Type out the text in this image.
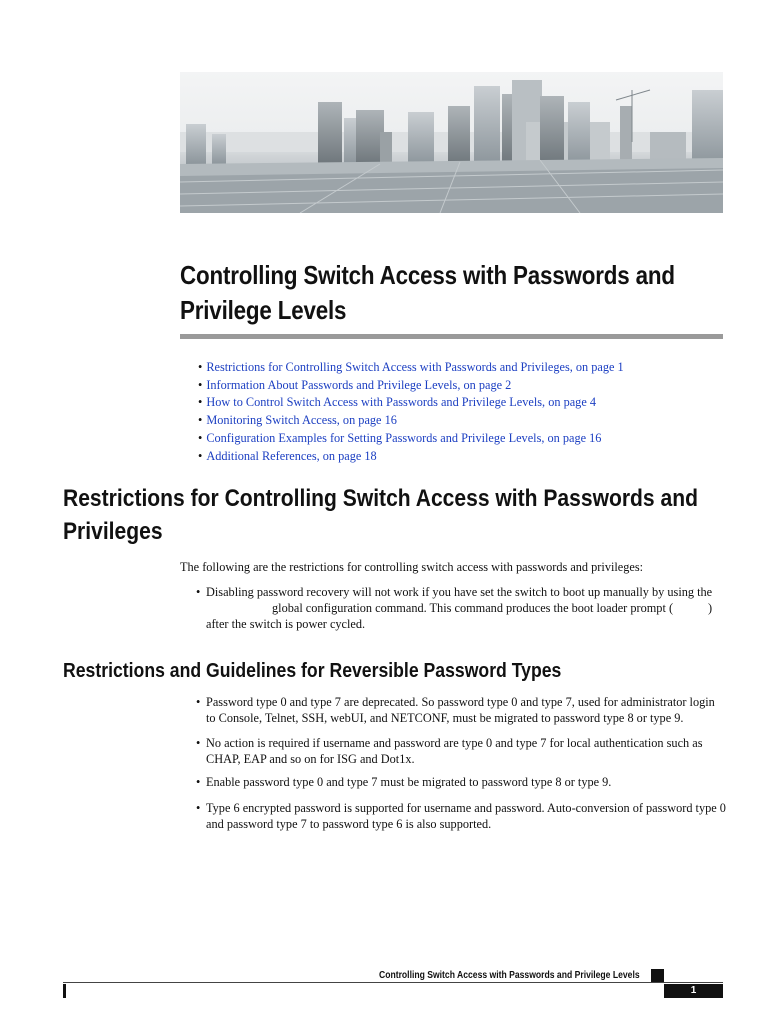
Controlling Switch Access with Passwords and Privilege Levels
• Restrictions for Controlling Switch Access with Passwords and Privileges, on page 1
• Information About Passwords and Privilege Levels, on page 2
• How to Control Switch Access with Passwords and Privilege Levels, on page 4
• Monitoring Switch Access, on page 16
• Configuration Examples for Setting Passwords and Privilege Levels, on page 16
• Additional References, on page 18
Restrictions for Controlling Switch Access with Passwords and Privileges
The following are the restrictions for controlling switch access with passwords and privileges:
• Disabling password recovery will not work if you have set the switch to boot up manually by using the
global configuration command. This command produces the boot loader prompt (	)
after the switch is power cycled.
Restrictions and Guidelines for Reversible Password Types
• Password type 0 and type 7 are deprecated. So password type 0 and type 7, used for administrator login to Console, Telnet, SSH, webUI, and NETCONF, must be migrated to password type 8 or type 9.
• No action is required if username and password are type 0 and type 7 for local authentication such as CHAP, EAP and so on for ISG and Dot1x.
• Enable password type 0 and type 7 must be migrated to password type 8 or type 9.
• Type 6 encrypted password is supported for username and password. Auto-conversion of password type 0 and password type 7 to password type 6 is also supported.
Controlling Switch Access with Passwords and Privilege Levels
1
